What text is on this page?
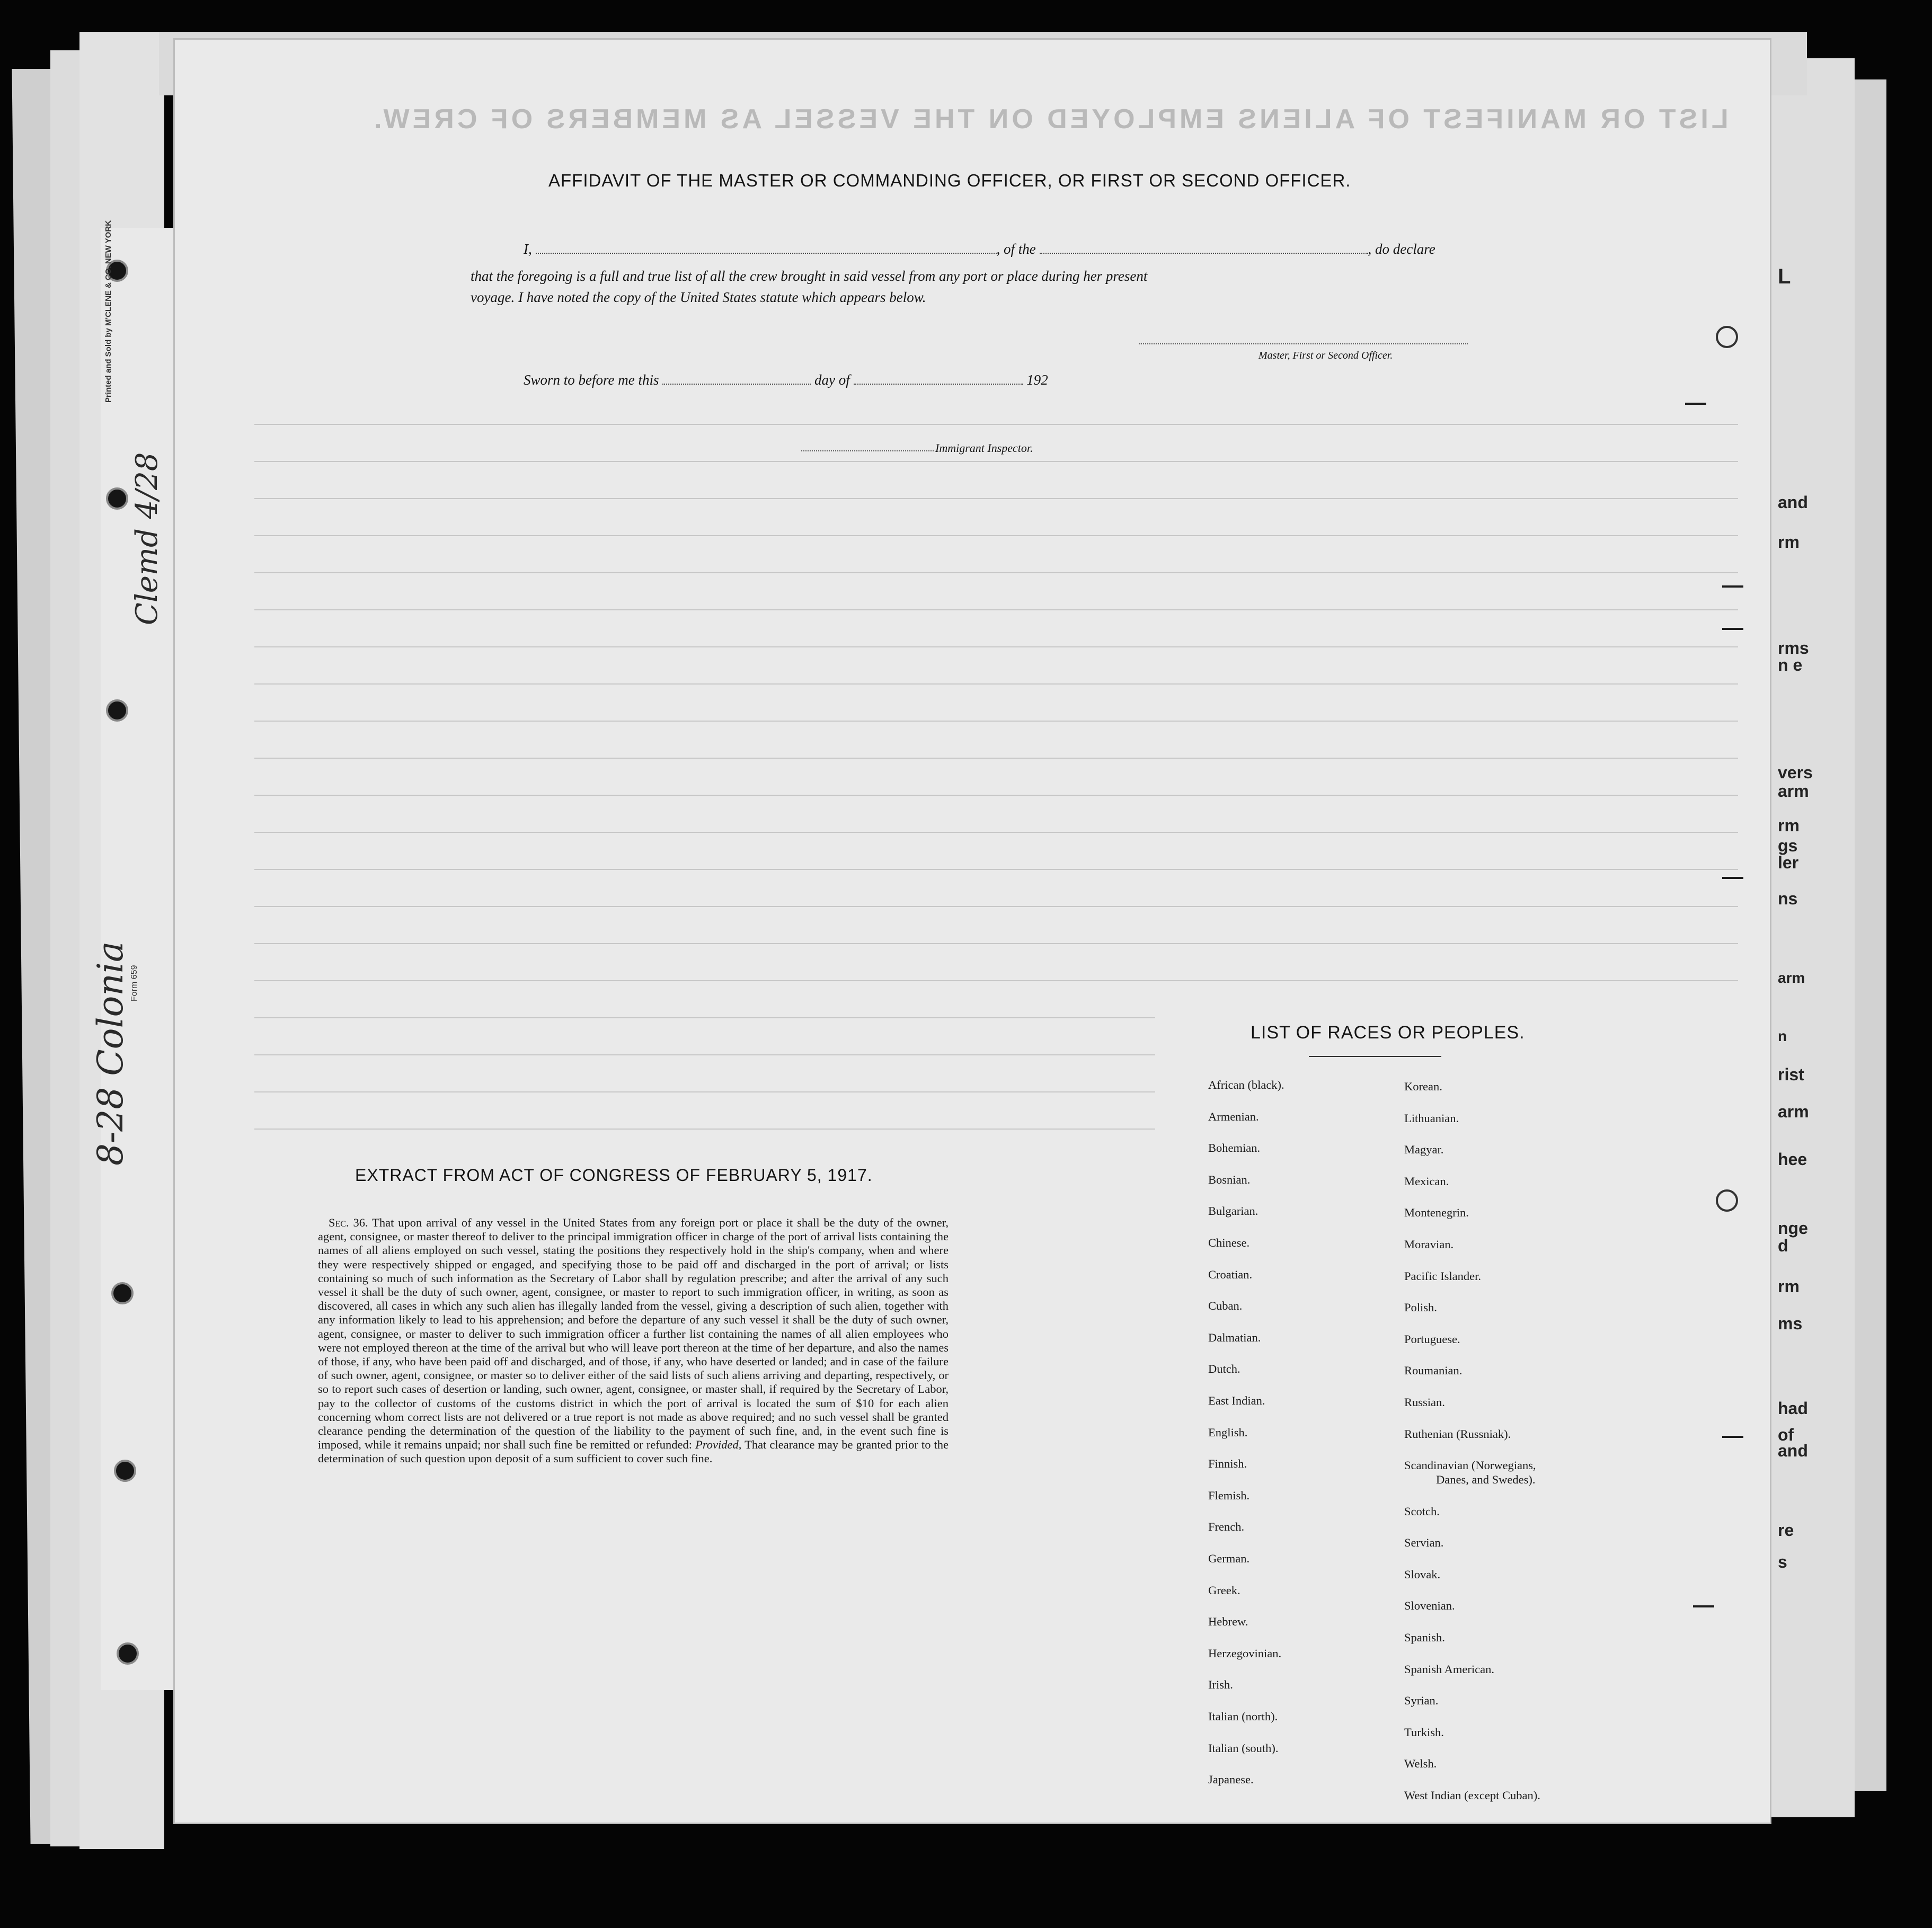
Printed and Sold by M'CLENE & CO. NEW YORK
Clemd 4/28
Form 659
8-28 Colonia
LIST OR MANIFEST OF ALIENS EMPLOYED ON THE VESSEL AS MEMBERS OF CREW.
AFFIDAVIT OF THE MASTER OR COMMANDING OFFICER, OR FIRST OR SECOND OFFICER.
I,	, of the	, do declare
that the foregoing is a full and true list of all the crew brought in said vessel from any port or place during her present
voyage. I have noted the copy of the United States statute which appears below.
Master, First or Second Officer.
Sworn to before me this	day of	192
Immigrant Inspector.
EXTRACT FROM ACT OF CONGRESS OF FEBRUARY 5, 1917.

Sec. 36. That upon arrival of any vessel in the United States from any foreign port or place it shall be the duty of the owner, agent, consignee, or master thereof to deliver to the principal immigration officer in charge of the port of arrival lists containing the names of all aliens employed on such vessel, stating the positions they respectively hold in the ship's company, when and where they were respectively shipped or engaged, and specifying those to be paid off and discharged in the port of arrival; or lists containing so much of such information as the Secretary of Labor shall by regulation prescribe; and after the arrival of any such vessel it shall be the duty of such owner, agent, consignee, or master to report to such immigration officer, in writing, as soon as discovered, all cases in which any such alien has illegally landed from the vessel, giving a description of such alien, together with any information likely to lead to his apprehension; and before the departure of any such vessel it shall be the duty of such owner, agent, consignee, or master to deliver to such immigration officer a further list containing the names of all alien employees who were not employed thereon at the time of the arrival but who will leave port thereon at the time of her departure, and also the names of those, if any, who have been paid off and discharged, and of those, if any, who have deserted or landed; and in case of the failure of such owner, agent, consignee, or master so to deliver either of the said lists of such aliens arriving and departing, respectively, or so to report such cases of desertion or landing, such owner, agent, consignee, or master shall, if required by the Secretary of Labor, pay to the collector of customs of the customs district in which the port of arrival is located the sum of $10 for each alien concerning whom correct lists are not delivered or a true report is not made as above required; and no such vessel shall be granted clearance pending the determination of the question of the liability to the payment of such fine, and, in the event such fine is imposed, while it remains unpaid; nor shall such fine be remitted or refunded: Provided, That clearance may be granted prior to the determination of such question upon deposit of a sum sufficient to cover such fine.

LIST OF RACES OR PEOPLES.
African (black).
Armenian.
Bohemian.
Bosnian.
Bulgarian.
Chinese.
Croatian.
Cuban.
Dalmatian.
Dutch.
East Indian.
English.
Finnish.
Flemish.
French.
German.
Greek.
Hebrew.
Herzegovinian.
Irish.
Italian (north).
Italian (south).
Japanese.
Korean.
Lithuanian.
Magyar.
Mexican.
Montenegrin.
Moravian.
Pacific Islander.
Polish.
Portuguese.
Roumanian.
Russian.
Ruthenian (Russniak).
Scandinavian (Norwegians,
Danes, and Swedes).
Scotch.
Servian.
Slovak.
Slovenian.
Spanish.
Spanish American.
Syrian.
Turkish.
Welsh.
West Indian (except Cuban).
L
and
rm
rms
n e
vers
arm
rm
gs
ler
ns
arm
n
rist
arm
hee
nge
d
rm
ms
had
of
and
re
s
